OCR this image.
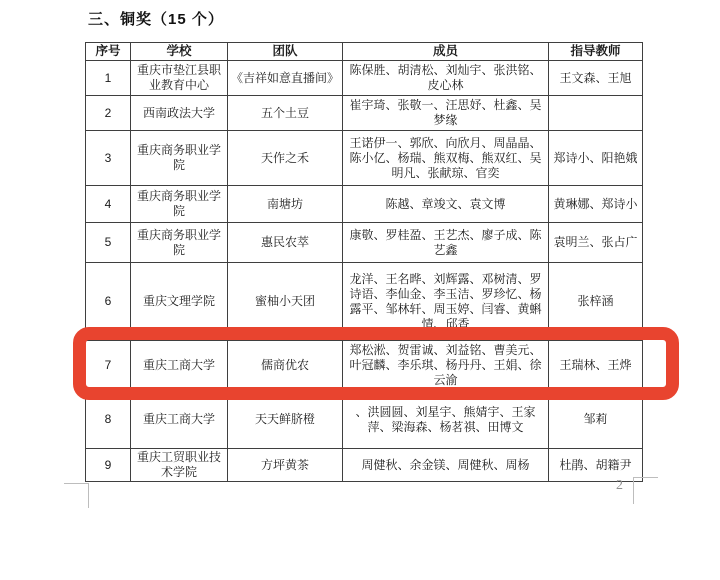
三、铜奖（15 个）
序号	学校	团队	成员	指导教师
1	重庆市垫江县职业教育中心	《吉祥如意直播间》	陈保胜、胡清松、刘灿宇、张洪铭、皮心林	王文森、王旭
2	西南政法大学	五个土豆	崔宇琦、张敬一、汪思妤、杜鑫、吴梦缘	
3	重庆商务职业学院	天作之禾	王诺伊一、郭欣、向欣月、周晶晶、陈小亿、杨瑞、熊双梅、熊双红、吴明凡、张献琼、官奕	郑诗小、阳艳娥
4	重庆商务职业学院	南塘坊	陈越、章竣文、袁文博	黄琳娜、郑诗小
5	重庆商务职业学院	惠民农萃	康敬、罗桂盈、王艺杰、廖子成、陈艺鑫	袁明兰、张占广
6	重庆文理学院	蜜柚小天团	龙洋、王名晔、刘辉露、邓树清、罗诗语、李仙金、李玉洁、罗珍忆、杨露平、邹林轩、周玉婷、闫睿、黄蝌情、邱香	张梓涵
7	重庆工商大学	儒商优农	郑松淞、贺雷诚、刘益铭、曹美元、叶冠麟、李乐琪、杨丹丹、王娟、徐云渝	王瑞林、王烨
8	重庆工商大学	天天鲜脐橙	、洪圆圆、刘星宇、熊婧宇、王家萍、梁海森、杨茗祺、田博文	邹莉
9	重庆工贸职业技术学院	方坪黄茶	周健秋、余金镁、周健秋、周杨	杜鹃、胡籍尹
2
